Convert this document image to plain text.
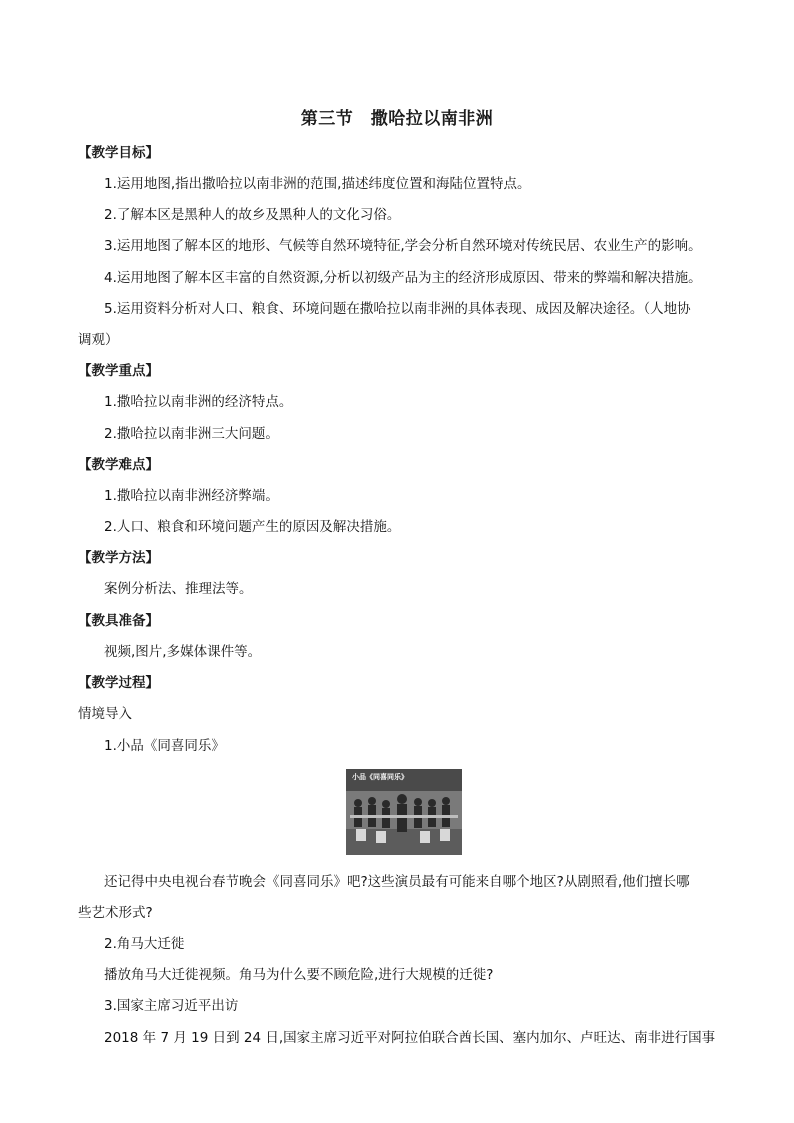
第三节　撒哈拉以南非洲
【教学目标】
1.运用地图,指出撒哈拉以南非洲的范围,描述纬度位置和海陆位置特点。
2.了解本区是黑种人的故乡及黑种人的文化习俗。
3.运用地图了解本区的地形、气候等自然环境特征,学会分析自然环境对传统民居、农业生产的影响。
4.运用地图了解本区丰富的自然资源,分析以初级产品为主的经济形成原因、带来的弊端和解决措施。
5.运用资料分析对人口、粮食、环境问题在撒哈拉以南非洲的具体表现、成因及解决途径。（人地协
调观）
【教学重点】
1.撒哈拉以南非洲的经济特点。
2.撒哈拉以南非洲三大问题。
【教学难点】
1.撒哈拉以南非洲经济弊端。
2.人口、粮食和环境问题产生的原因及解决措施。
【教学方法】
案例分析法、推理法等。
【教具准备】
视频,图片,多媒体课件等。
【教学过程】
情境导入
1.小品《同喜同乐》
小品《同喜同乐》
还记得中央电视台春节晚会《同喜同乐》吧?这些演员最有可能来自哪个地区?从剧照看,他们擅长哪
些艺术形式?
2.角马大迁徙
播放角马大迁徙视频。角马为什么要不顾危险,进行大规模的迁徙?
3.国家主席习近平出访
2018 年 7 月 19 日到 24 日,国家主席习近平对阿拉伯联合酋长国、塞内加尔、卢旺达、南非进行国事
